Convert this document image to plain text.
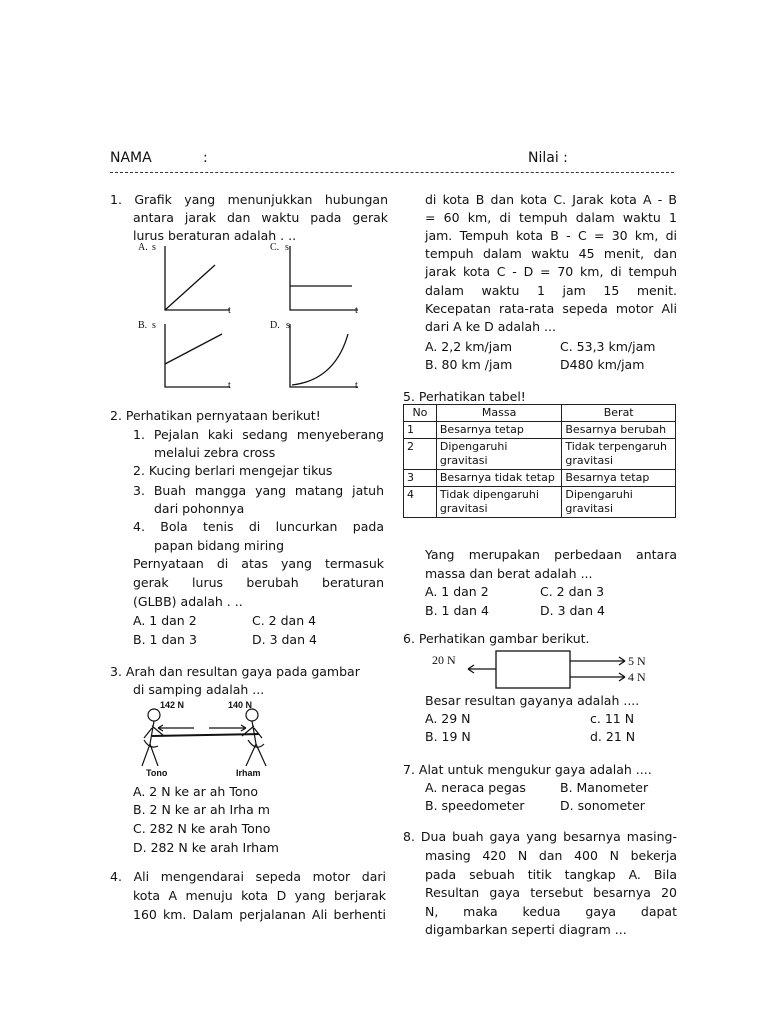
NAMA	:	Nilai :
1. Grafik yang menunjukkan hubungan
antara jarak dan waktu pada gerak
lurus beraturan adalah . ..
A. s
t
C. s
t
B. s
t
D. s
t
2. Perhatikan pernyataan berikut!
1. Pejalan kaki sedang menyeberang
melalui zebra cross
2. Kucing berlari mengejar tikus
3. Buah mangga yang matang jatuh
dari pohonnya
4. Bola tenis di luncurkan pada
papan bidang miring
Pernyataan di atas yang termasuk
gerak lurus berubah beraturan
(GLBB) adalah . ..
A. 1 dan 2	C. 2 dan 4
B. 1 dan 3	D. 3 dan 4
3. Arah dan resultan gaya pada gambar
di samping adalah ...
142 N	140 N
Tono	Irham
A. 2 N ke ar ah Tono
B. 2 N ke ar ah Irha m
C. 282 N ke arah Tono
D. 282 N ke arah Irham
4. Ali mengendarai sepeda motor dari
kota A menuju kota D yang berjarak
160 km. Dalam perjalanan Ali berhenti
di kota B dan kota C. Jarak kota A - B
= 60 km, di tempuh dalam waktu 1
jam. Tempuh kota B - C = 30 km, di
tempuh dalam waktu 45 menit, dan
jarak kota C - D = 70 km, di tempuh
dalam waktu 1 jam 15 menit.
Kecepatan rata-rata sepeda motor Ali
dari A ke D adalah ...
A. 2,2 km/jam	C. 53,3 km/jam
B. 80 km /jam	D480 km/jam
5. Perhatikan tabel!
No	Massa	Berat
1	Besarnya tetap	Besarnya berubah
2	Dipengaruhi gravitasi	Tidak terpengaruh gravitasi
3	Besarnya tidak tetap	Besarnya tetap
4	Tidak dipengaruhi gravitasi	Dipengaruhi gravitasi
Yang merupakan perbedaan antara
massa dan berat adalah ...
A. 1 dan 2	C. 2 dan 3
B. 1 dan 4	D. 3 dan 4
6. Perhatikan gambar berikut.
20 N	5 N
4 N
Besar resultan gayanya adalah ....
A. 29 N	c. 11 N
B. 19 N	d. 21 N
7. Alat untuk mengukur gaya adalah ....
A. neraca pegas	B. Manometer
B. speedometer	D. sonometer
8. Dua buah gaya yang besarnya masing-
masing 420 N dan 400 N bekerja
pada sebuah titik tangkap A. Bila
Resultan gaya tersebut besarnya 20
N, maka kedua gaya dapat
digambarkan seperti diagram ...
